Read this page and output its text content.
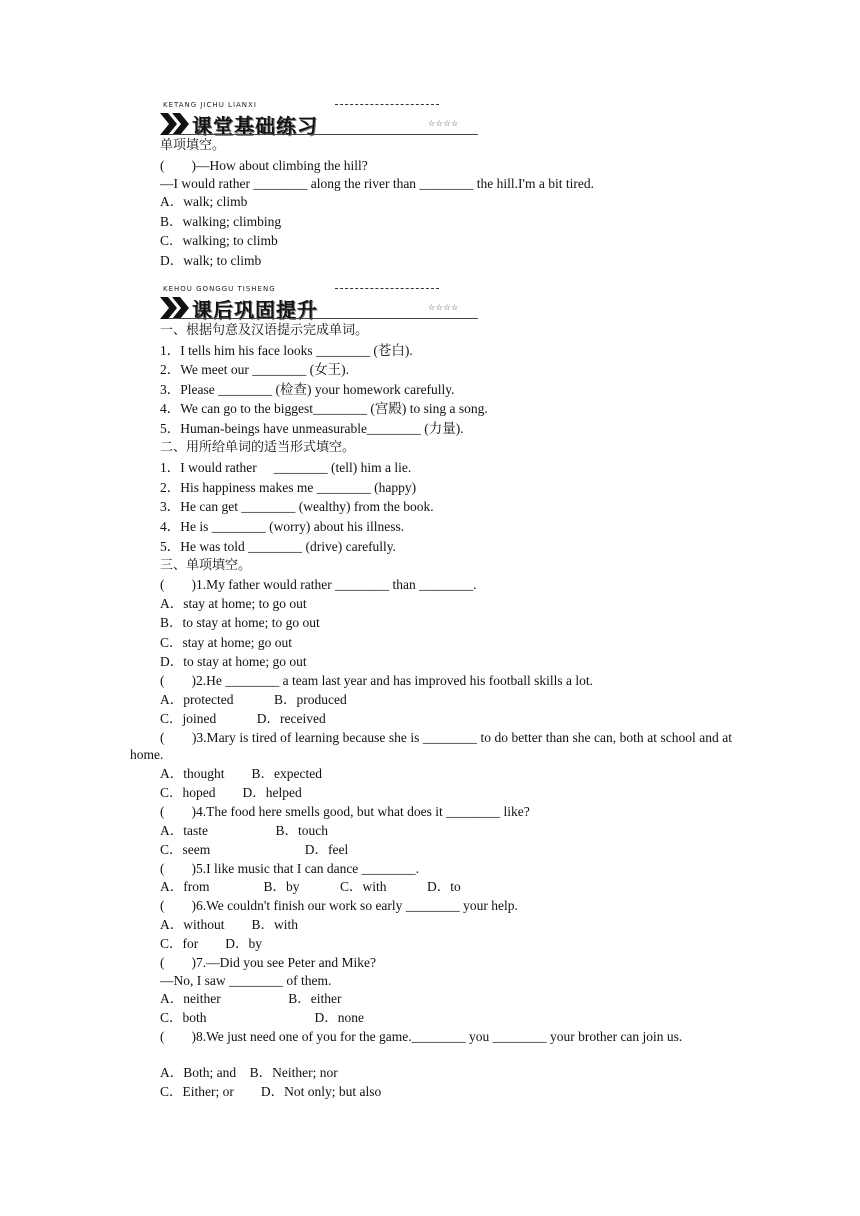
KETANG JICHU LIANXI
课堂基础练习	☆☆☆☆
单项填空。
(　　)—How about climbing the hill?
—I would rather ________ along the river than ________ the hill.I'm a bit tired.
A．walk; climb
B．walking; climbing
C．walking; to climb
D．walk; to climb
KEHOU GONGGU TISHENG
课后巩固提升	☆☆☆☆
一、根据句意及汉语提示完成单词。
1．I tells him his face looks ________ (苍白).
2．We meet our ________ (女王).
3．Please ________ (检查) your homework carefully.
4．We can go to the biggest________ (宫殿) to sing a song.
5．Human-beings have unmeasurable________ (力量).
二、用所给单词的适当形式填空。
1．I would rather　 ________ (tell) him a lie.
2．His happiness makes me ________ (happy)
3．He can get ________ (wealthy) from the book.
4．He is ________ (worry) about his illness.
5．He was told ________ (drive) carefully.
三、单项填空。
(　　)1.My father would rather ________ than ________.
A．stay at home; to go out
B．to stay at home; to go out
C．stay at home; go out
D．to stay at home; go out
(　　)2.He ________ a team last year and has improved his football skills a lot.
A．protected　　　B．produced
C．joined　　　D．received
(　　)3.Mary is tired of learning because she is ________ to do better than she can, both at school and at home.
A．thought　　B．expected
C．hoped　　D．helped
(　　)4.The food here smells good, but what does it ________ like?
A．taste　　　　　B．touch
C．seem　　　　　　　D．feel
(　　)5.I like music that I can dance ________.
A．from　　　　B．by　　　C．with　　　D．to
(　　)6.We couldn't finish our work so early ________ your help.
A．without　　B．with
C．for　　D．by
(　　)7.—Did you see Peter and Mike?
—No, I saw ________ of them.
A．neither　　　　　B．either
C．both　　　　　　　　D．none
(　　)8.We just need one of you for the game.________ you ________ your brother can join us.
A．Both; and　B．Neither; nor
C．Either; or　　D．Not only; but also
